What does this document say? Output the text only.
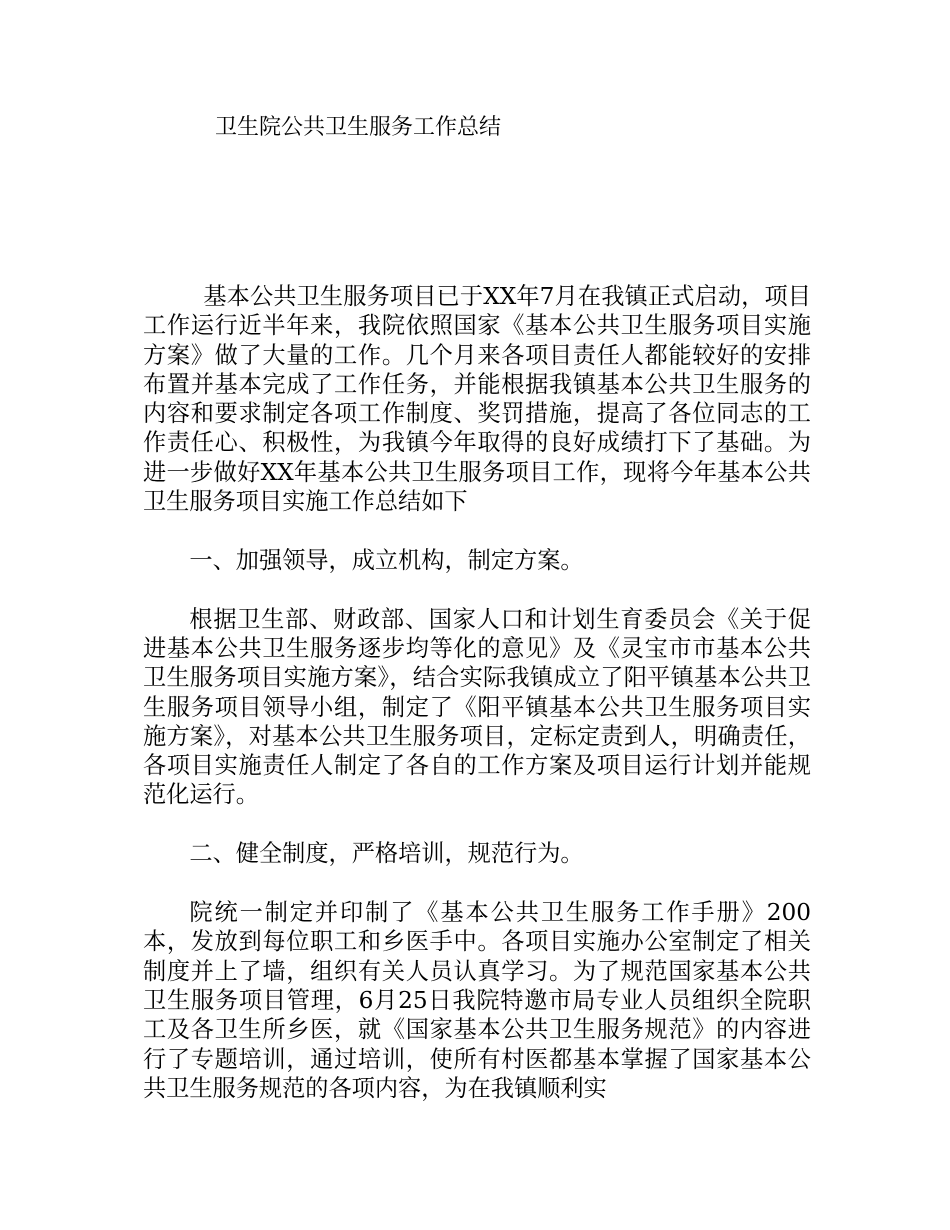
卫生院公共卫生服务工作总结

基本公共卫生服务项目已于XX年7月在我镇正式启动，项目工作运行近半年来，我院依照国家《基本公共卫生服务项目实施方案》做了大量的工作。几个月来各项目责任人都能较好的安排布置并基本完成了工作任务，并能根据我镇基本公共卫生服务的内容和要求制定各项工作制度、奖罚措施，提高了各位同志的工作责任心、积极性，为我镇今年取得的良好成绩打下了基础。为进一步做好XX年基本公共卫生服务项目工作，现将今年基本公共卫生服务项目实施工作总结如下

一、加强领导，成立机构，制定方案。

根据卫生部、财政部、国家人口和计划生育委员会《关于促进基本公共卫生服务逐步均等化的意见》及《灵宝市市基本公共卫生服务项目实施方案》，结合实际我镇成立了阳平镇基本公共卫生服务项目领导小组，制定了《阳平镇基本公共卫生服务项目实施方案》，对基本公共卫生服务项目，定标定责到人，明确责任，各项目实施责任人制定了各自的工作方案及项目运行计划并能规范化运行。

二、健全制度，严格培训，规范行为。

院统一制定并印制了《基本公共卫生服务工作手册》200本，发放到每位职工和乡医手中。各项目实施办公室制定了相关制度并上了墙，组织有关人员认真学习。为了规范国家基本公共卫生服务项目管理，6月25日我院特邀市局专业人员组织全院职工及各卫生所乡医，就《国家基本公共卫生服务规范》的内容进行了专题培训，通过培训，使所有村医都基本掌握了国家基本公共卫生服务规范的各项内容，为在我镇顺利实
